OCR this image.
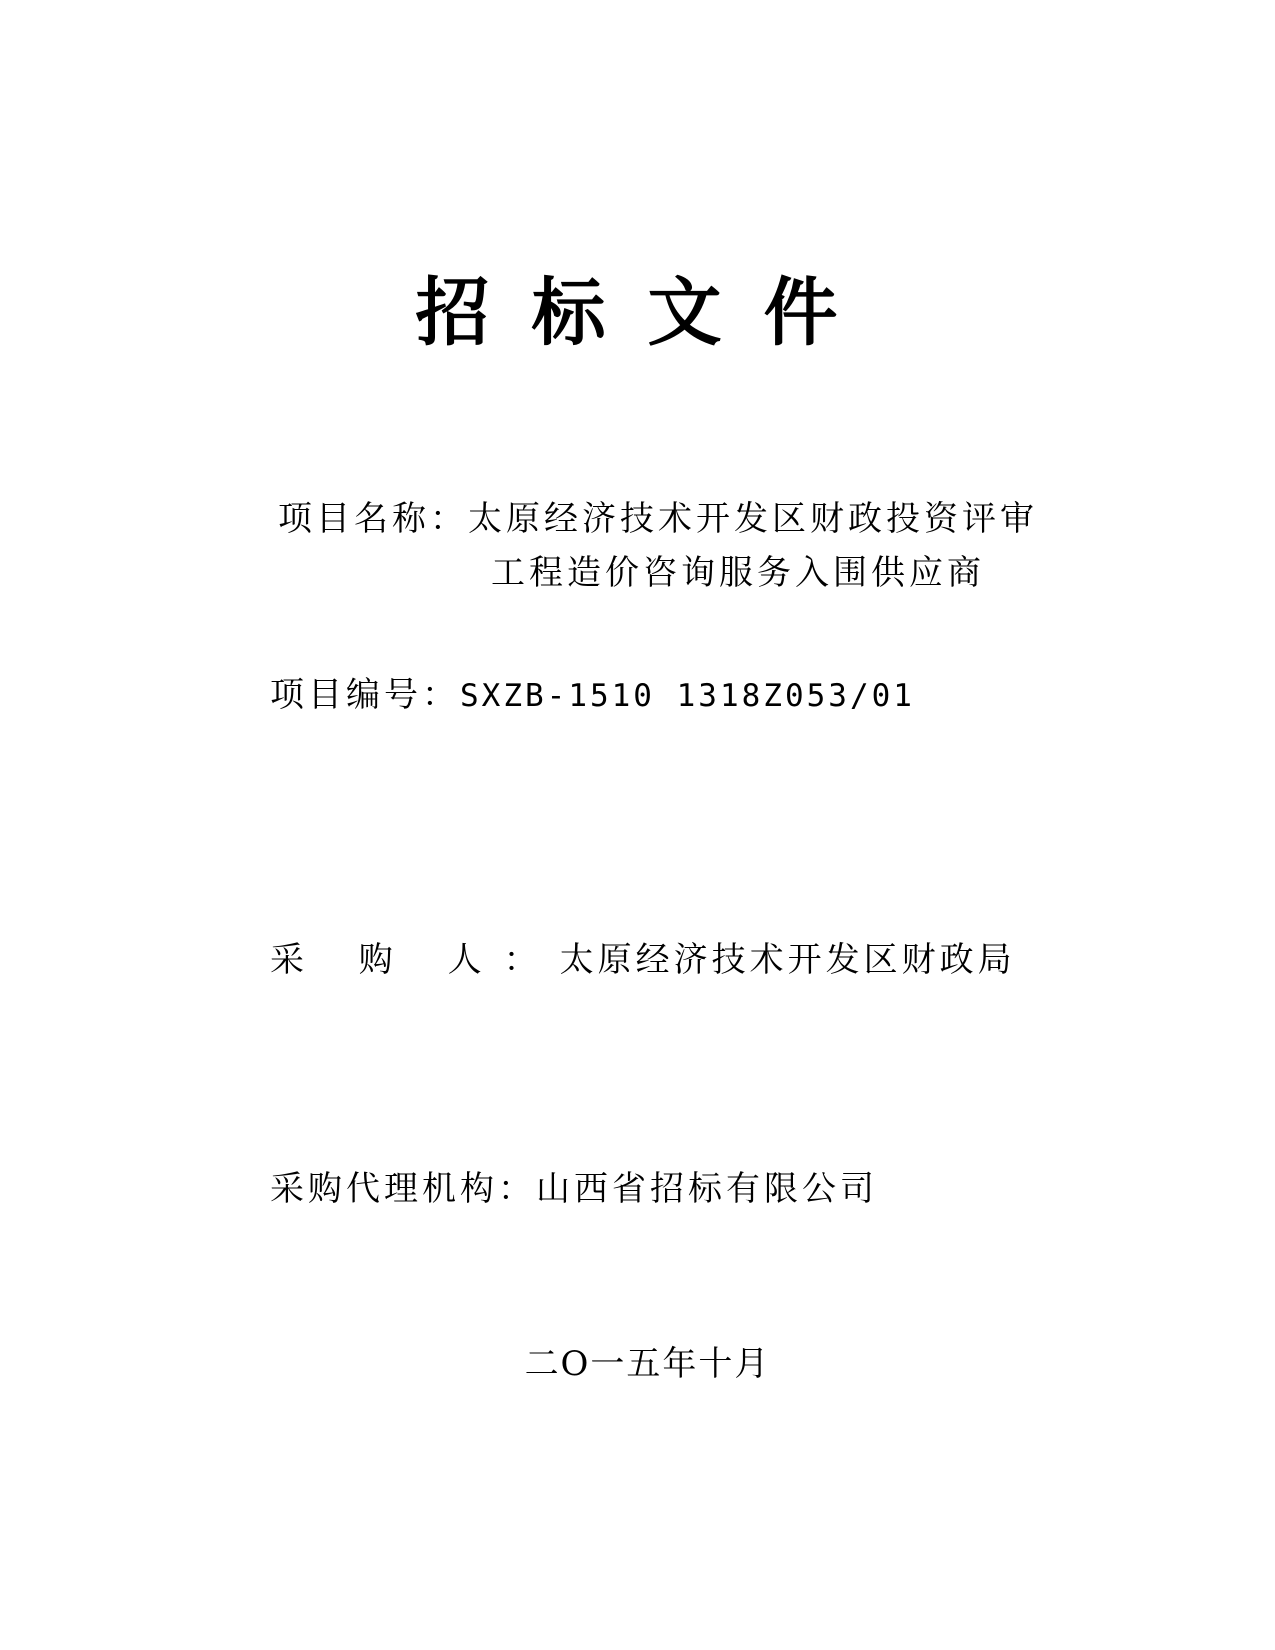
招标文件
项目名称：太原经济技术开发区财政投资评审
工程造价咨询服务入围供应商
项目编号：SXZB-1510 1318Z053/01
采 购 人：太原经济技术开发区财政局
采购代理机构：山西省招标有限公司
二O一五年十月
